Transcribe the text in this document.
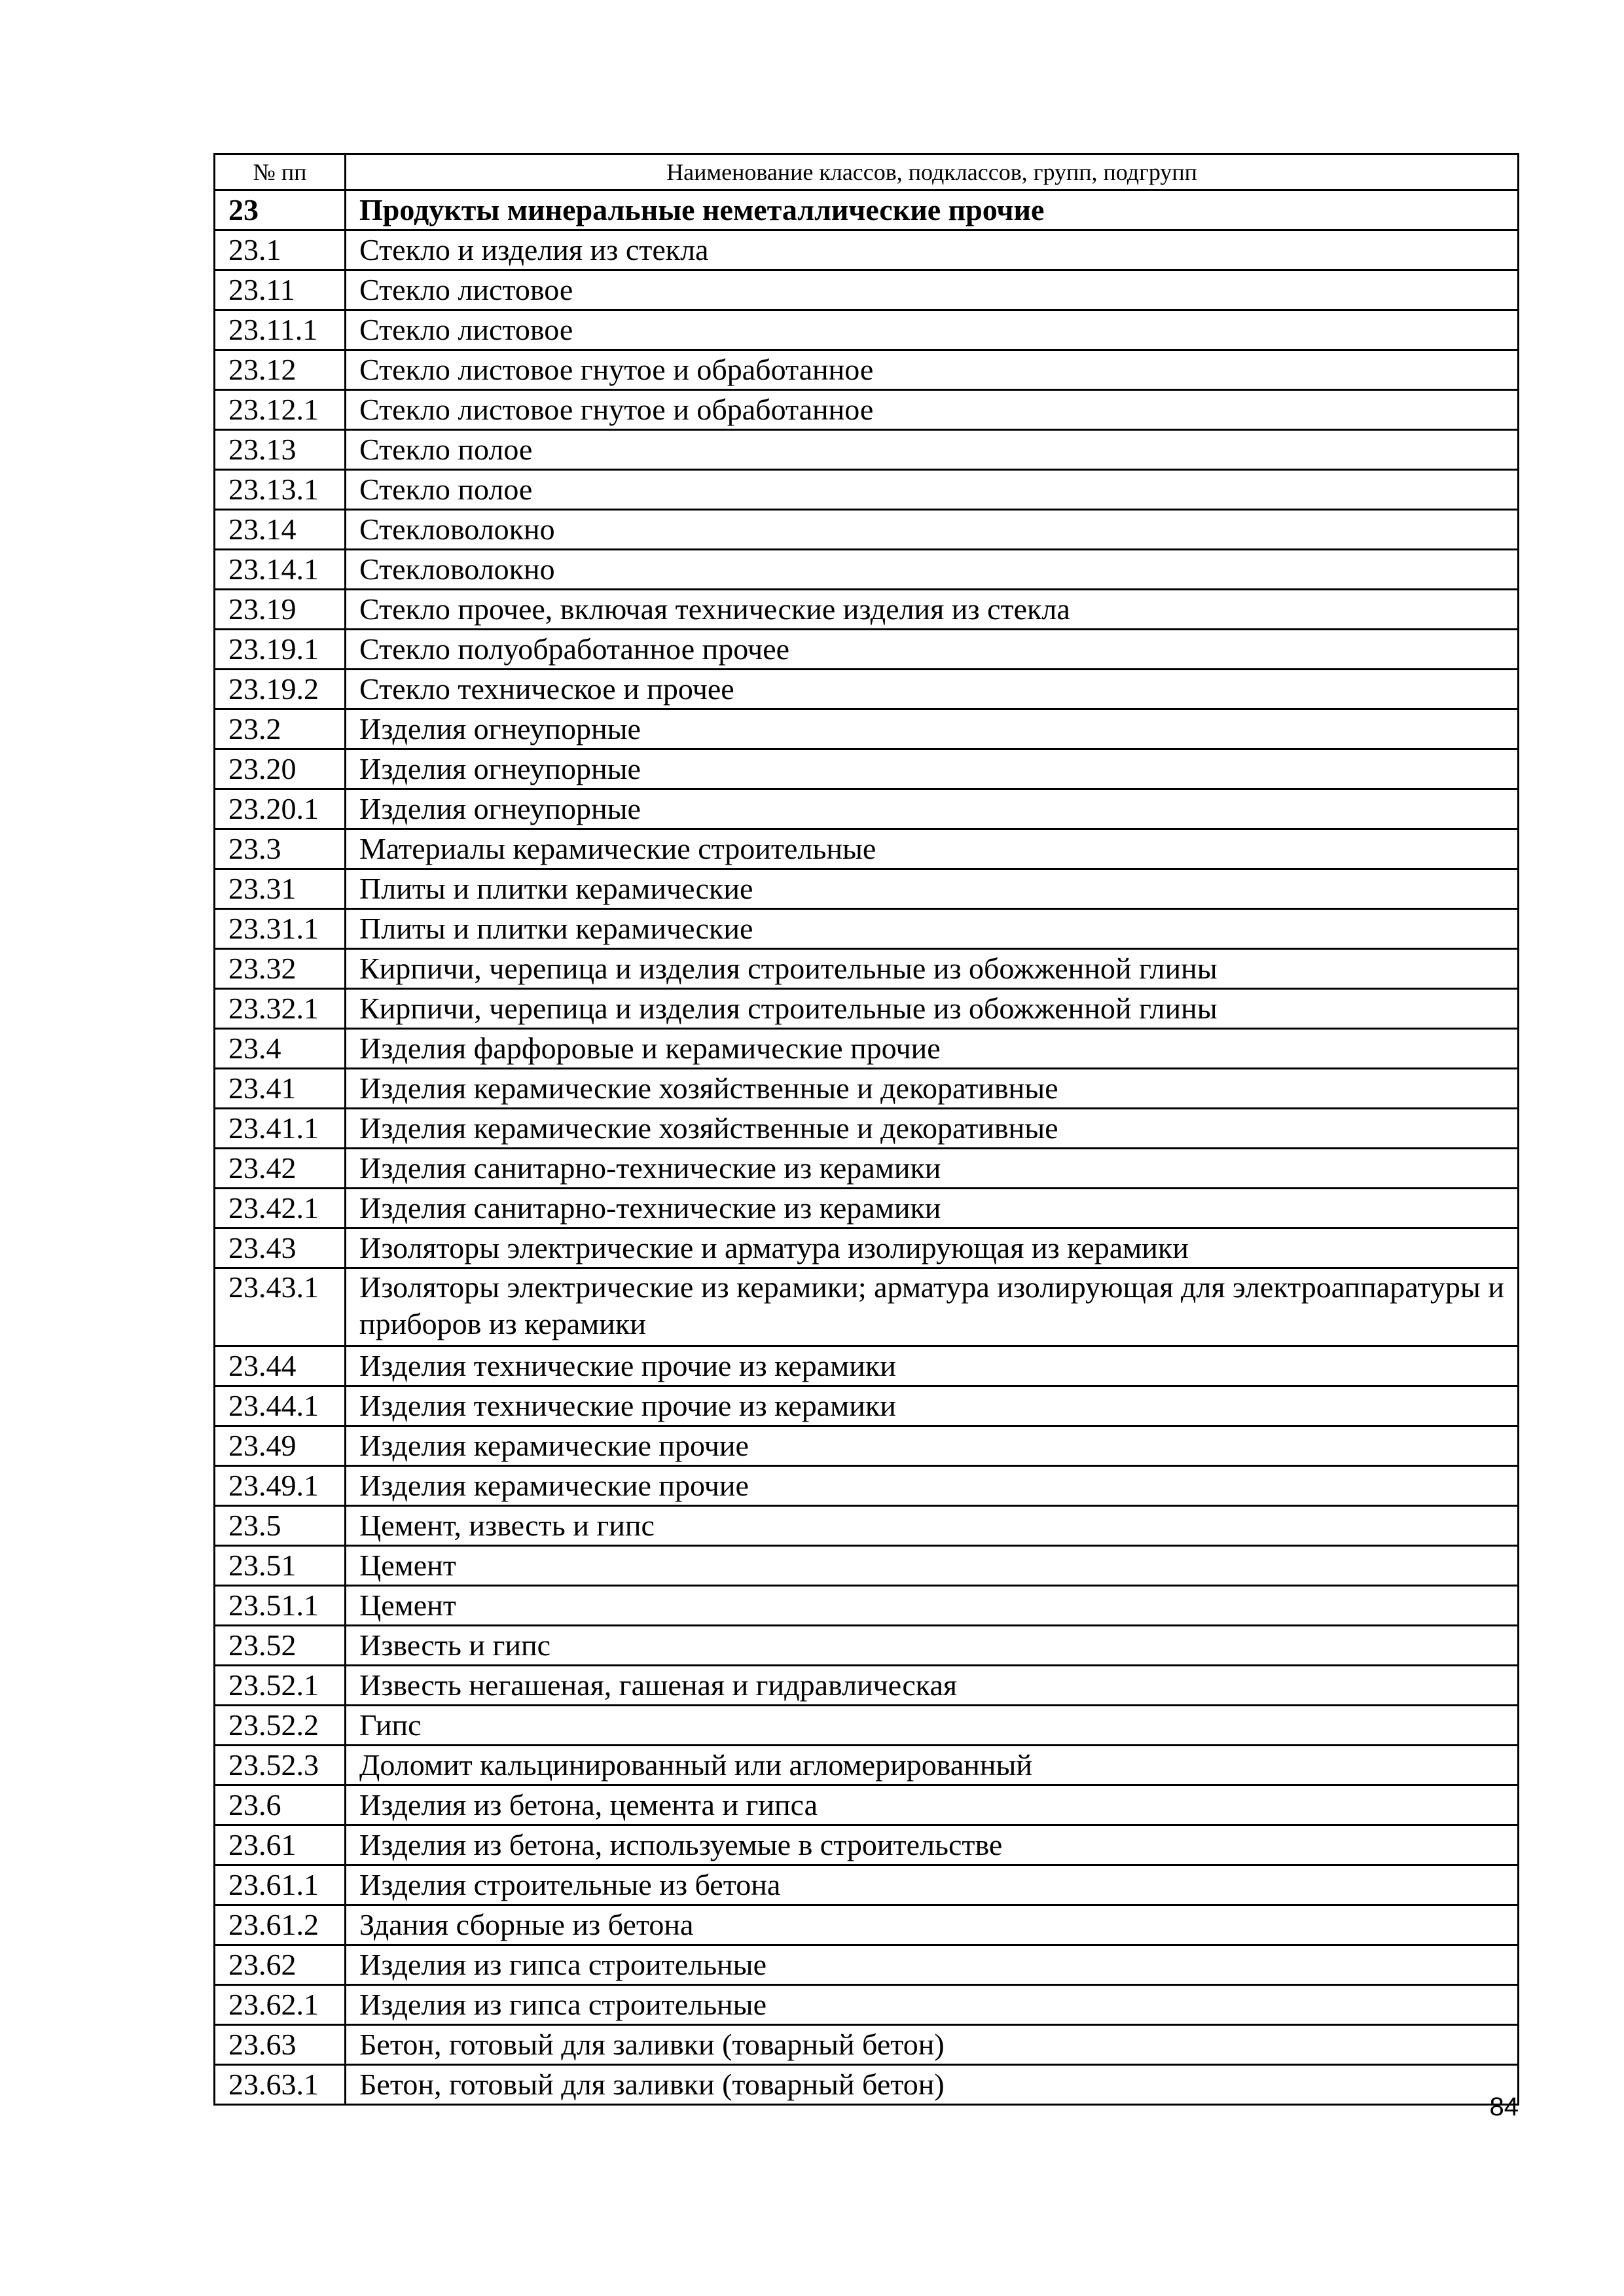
№ пп	Наименование классов, подклассов, групп, подгрупп
23	Продукты минеральные неметаллические прочие
23.1	Стекло и изделия из стекла
23.11	Стекло листовое
23.11.1	Стекло листовое
23.12	Стекло листовое гнутое и обработанное
23.12.1	Стекло листовое гнутое и обработанное
23.13	Стекло полое
23.13.1	Стекло полое
23.14	Стекловолокно
23.14.1	Стекловолокно
23.19	Стекло прочее, включая технические изделия из стекла
23.19.1	Стекло полуобработанное прочее
23.19.2	Стекло техническое и прочее
23.2	Изделия огнеупорные
23.20	Изделия огнеупорные
23.20.1	Изделия огнеупорные
23.3	Материалы керамические строительные
23.31	Плиты и плитки керамические
23.31.1	Плиты и плитки керамические
23.32	Кирпичи, черепица и изделия строительные из обожженной глины
23.32.1	Кирпичи, черепица и изделия строительные из обожженной глины
23.4	Изделия фарфоровые и керамические прочие
23.41	Изделия керамические хозяйственные и декоративные
23.41.1	Изделия керамические хозяйственные и декоративные
23.42	Изделия санитарно-технические из керамики
23.42.1	Изделия санитарно-технические из керамики
23.43	Изоляторы электрические и арматура изолирующая из керамики
23.43.1	Изоляторы электрические из керамики; арматура изолирующая для электроаппаратуры и приборов из керамики
23.44	Изделия технические прочие из керамики
23.44.1	Изделия технические прочие из керамики
23.49	Изделия керамические прочие
23.49.1	Изделия керамические прочие
23.5	Цемент, известь и гипс
23.51	Цемент
23.51.1	Цемент
23.52	Известь и гипс
23.52.1	Известь негашеная, гашеная и гидравлическая
23.52.2	Гипс
23.52.3	Доломит кальцинированный или агломерированный
23.6	Изделия из бетона, цемента и гипса
23.61	Изделия из бетона, используемые в строительстве
23.61.1	Изделия строительные из бетона
23.61.2	Здания сборные из бетона
23.62	Изделия из гипса строительные
23.62.1	Изделия из гипса строительные
23.63	Бетон, готовый для заливки (товарный бетон)
23.63.1	Бетон, готовый для заливки (товарный бетон)
84
